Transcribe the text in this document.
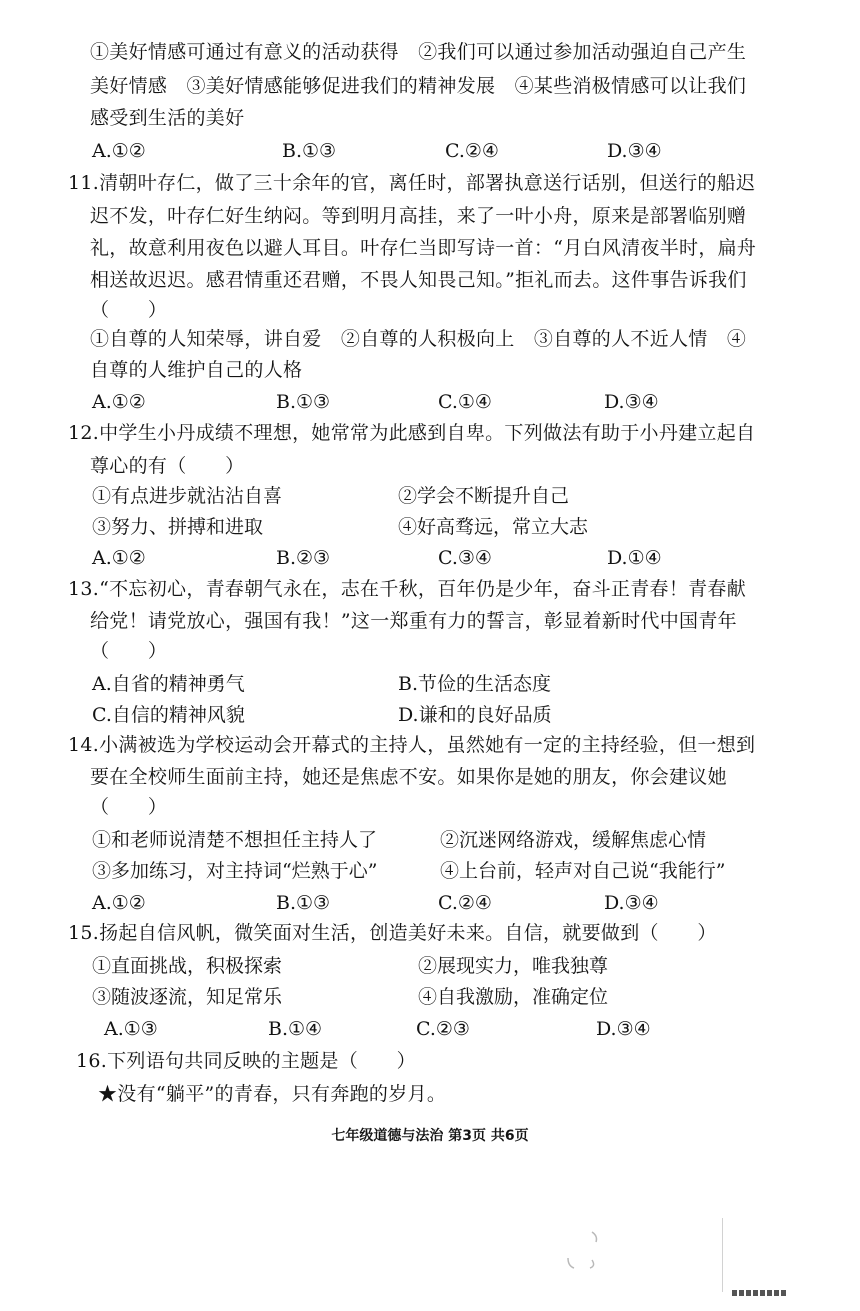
①美好情感可通过有意义的活动获得　②我们可以通过参加活动强迫自己产生
美好情感　③美好情感能够促进我们的精神发展　④某些消极情感可以让我们
感受到生活的美好
A.①②	B.①③	C.②④	D.③④
11.清朝叶存仁，做了三十余年的官，离任时，部署执意送行话别，但送行的船迟
迟不发，叶存仁好生纳闷。等到明月高挂，来了一叶小舟，原来是部署临别赠
礼，故意利用夜色以避人耳目。叶存仁当即写诗一首：“月白风清夜半时，扁舟
相送故迟迟。感君情重还君赠，不畏人知畏己知。”拒礼而去。这件事告诉我们
（　　）
①自尊的人知荣辱，讲自爱　②自尊的人积极向上　③自尊的人不近人情　④
自尊的人维护自己的人格
A.①②	B.①③	C.①④	D.③④
12.中学生小丹成绩不理想，她常常为此感到自卑。下列做法有助于小丹建立起自
尊心的有（　　）
①有点进步就沾沾自喜	②学会不断提升自己
③努力、拼搏和进取	④好高骛远，常立大志
A.①②	B.②③	C.③④	D.①④
13.“不忘初心，青春朝气永在，志在千秋，百年仍是少年，奋斗正青春！青春献
给党！请党放心，强国有我！”这一郑重有力的誓言，彰显着新时代中国青年
（　　）
A.自省的精神勇气	B.节俭的生活态度
C.自信的精神风貌	D.谦和的良好品质
14.小满被选为学校运动会开幕式的主持人，虽然她有一定的主持经验，但一想到
要在全校师生面前主持，她还是焦虑不安。如果你是她的朋友，你会建议她
（　　）
①和老师说清楚不想担任主持人了	②沉迷网络游戏，缓解焦虑心情
③多加练习，对主持词“烂熟于心”	④上台前，轻声对自己说“我能行”
A.①②	B.①③	C.②④	D.③④
15.扬起自信风帆，微笑面对生活，创造美好未来。自信，就要做到（　　）
①直面挑战，积极探索	②展现实力，唯我独尊
③随波逐流，知足常乐	④自我激励，准确定位
A.①③	B.①④	C.②③	D.③④
16.下列语句共同反映的主题是（　　）
★没有“躺平”的青春，只有奔跑的岁月。
七年级道德与法治 第3页 共6页
